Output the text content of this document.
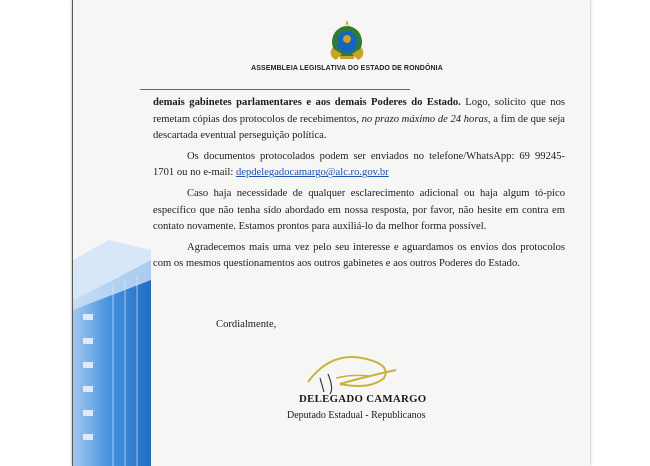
ASSEMBLEIA LEGISLATIVA DO ESTADO DE RONDÔNIA

demais gabinetes parlamentares e aos demais Poderes do Estado. Logo, solicito que nos remetam cópias dos protocolos de recebimentos, no prazo máximo de 24 horas, a fim de que seja descartada eventual perseguição política.

Os documentos protocolados podem ser enviados no telefone/WhatsApp: 69 99245-1701 ou no e-mail: depdelegadocamargo@alc.ro.gov.br

Caso haja necessidade de qualquer esclarecimento adicional ou haja algum tó-pico específico que não tenha sido abordado em nossa resposta, por favor, não hesite em contra em contato novamente. Estamos prontos para auxiliá-lo da melhor forma possível.

Agradecemos mais uma vez pelo seu interesse e aguardamos os envios dos protocolos com os mesmos questionamentos aos outros gabinetes e aos outros Poderes do Estado.

Cordialmente,
DELEGADO CAMARGO
Deputado Estadual - Republicanos
